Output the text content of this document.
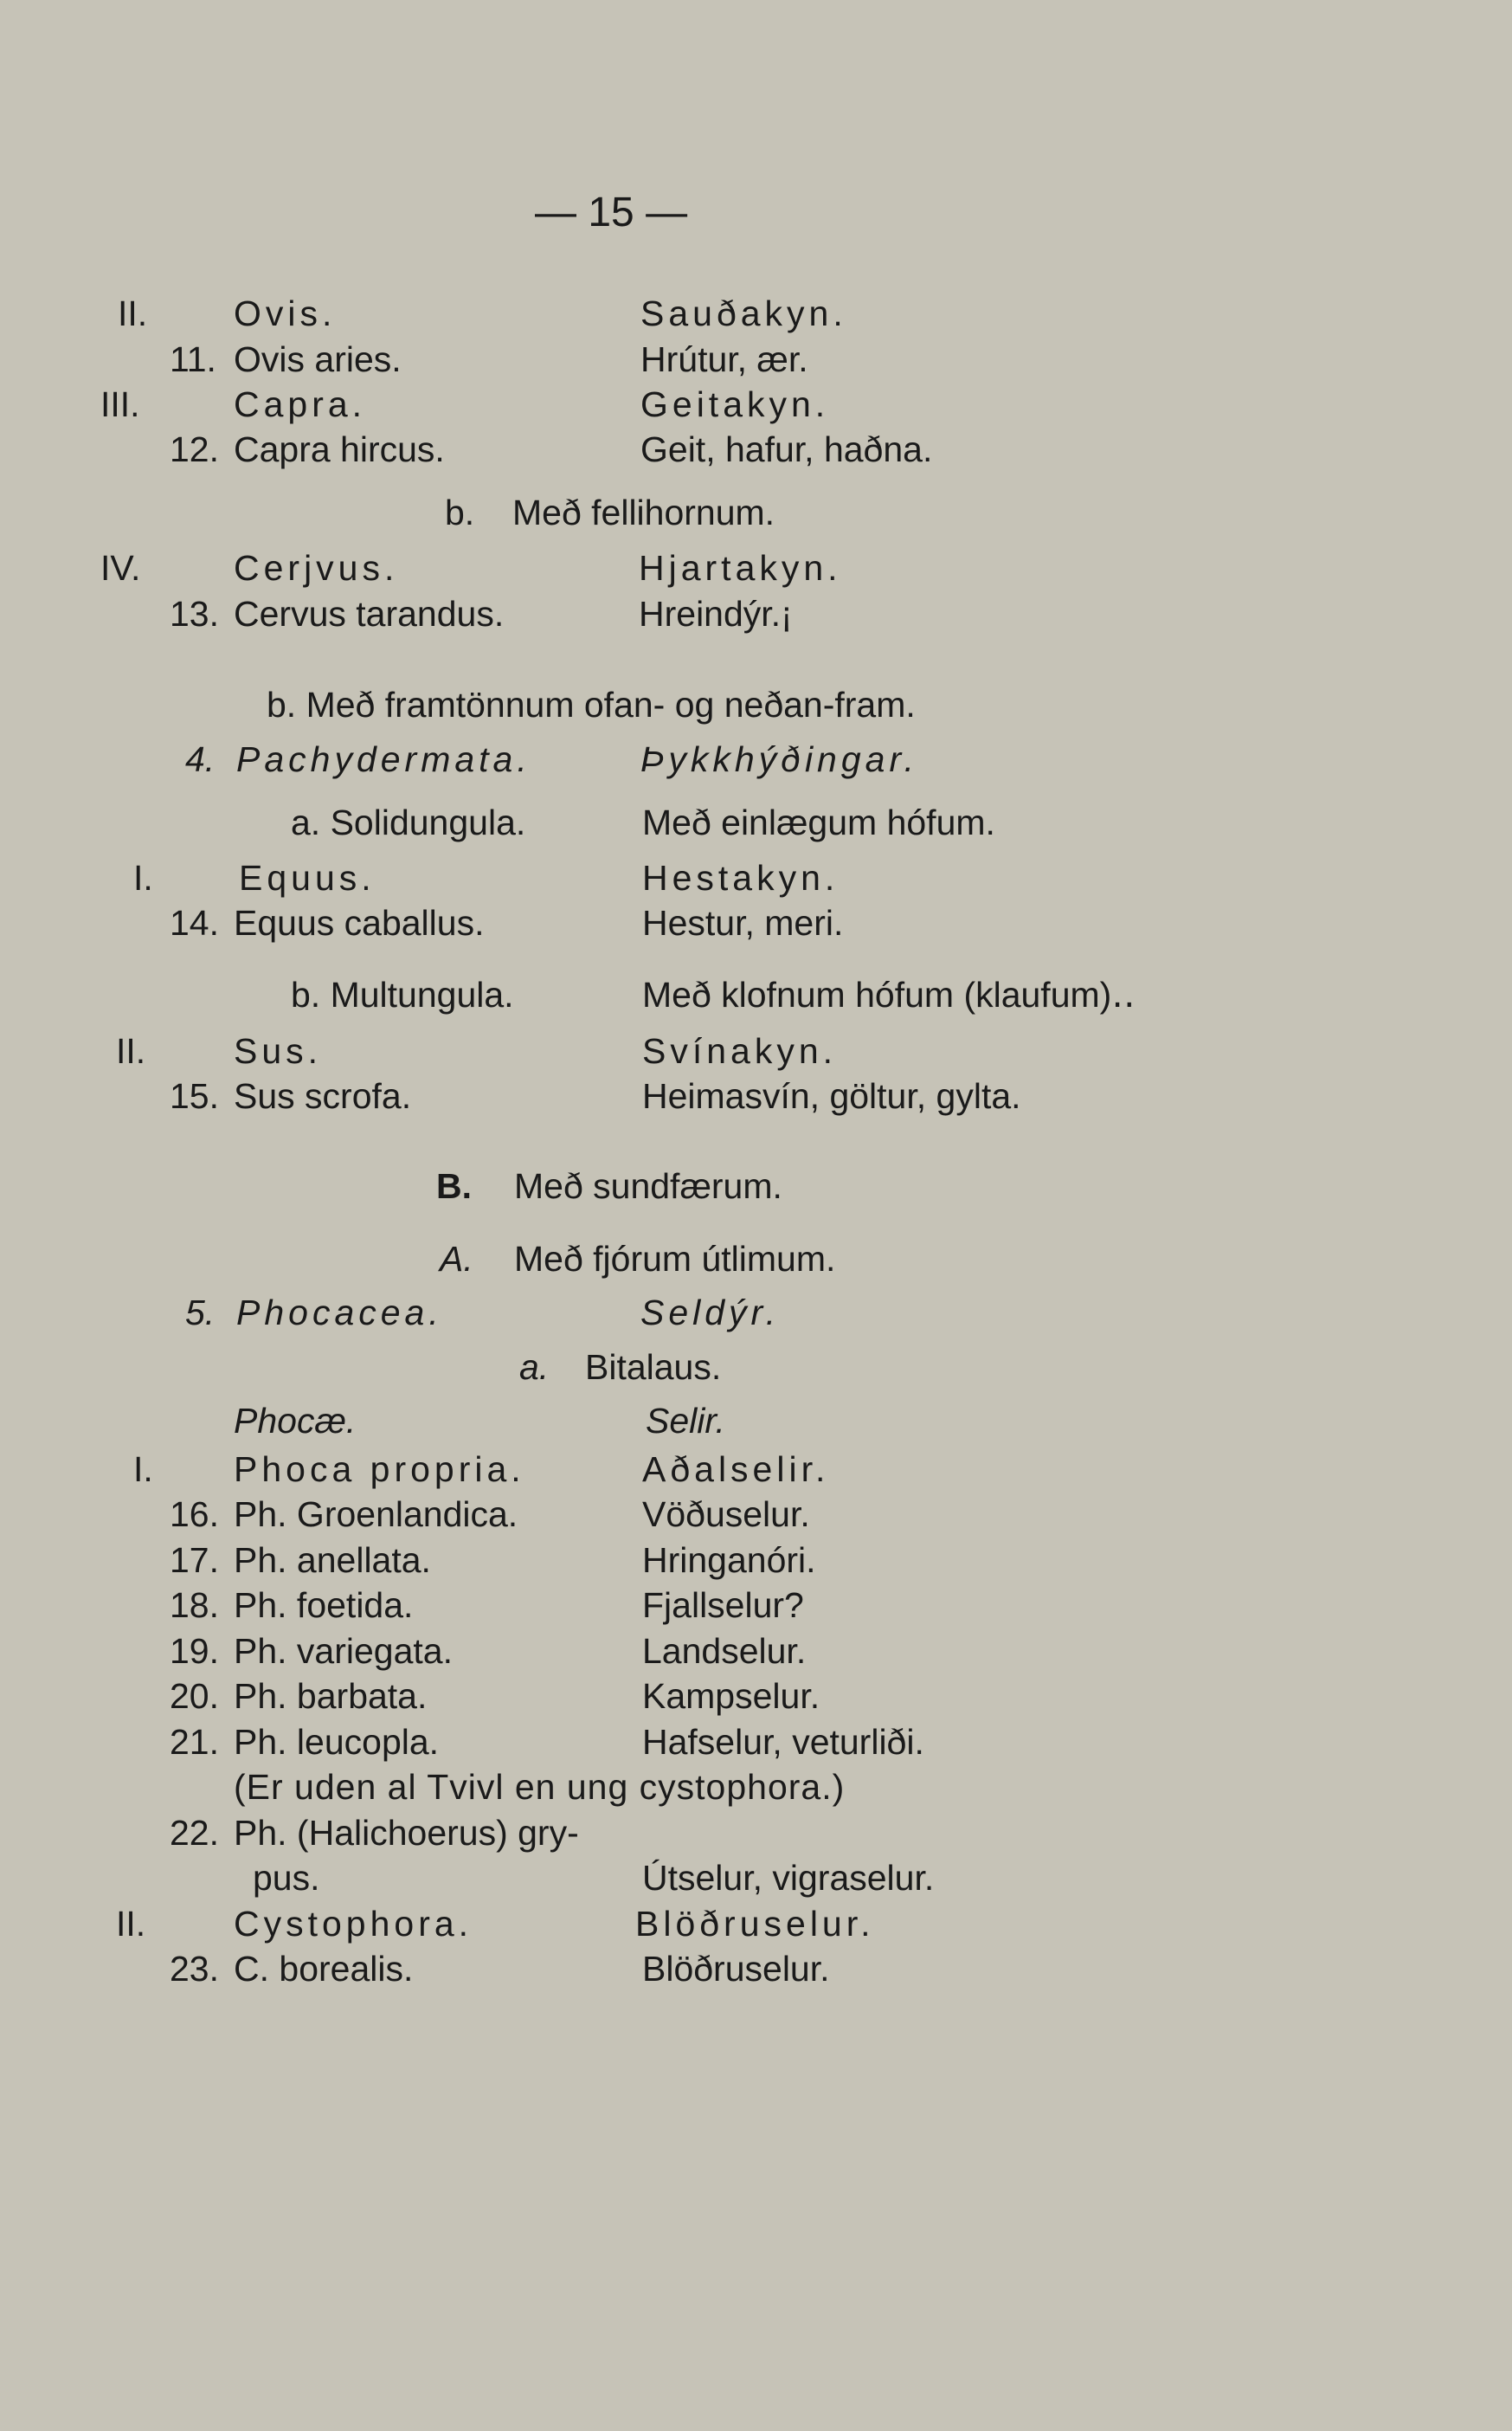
— 15 —
II. Ovis.	Sauðakyn.
11. Ovis aries.	Hrútur, ær.
III.	Capra.	Geitakyn.
12. Capra hircus.	Geit, hafur, haðna.
b. Með fellihornum.
IV.	Cerjvus.	Hjartakyn.
13. Cervus tarandus.	Hreindýr.¡
b. Með framtönnum ofan- og neðan-fram.
4. Pachydermata.	Þykkhýðingar.
a. Solidungula.	Með einlægum hófum.
I. Equus.	Hestakyn.
14. Equus caballus.	Hestur, meri.
b. Multungula.	Með klofnum hófum (klaufum)‥
II. Sus.	Svínakyn.
15. Sus scrofa.	Heimasvín, göltur, gylta.
B. Með sundfærum.
A. Með fjórum útlimum.
5. Phocacea.	Seldýr.
a. Bitalaus.
Phocæ.	Selir.
I. Phoca propria.	Aðalselir.
16. Ph. Groenlandica.	Vöðuselur.
17. Ph. anellata.	Hringanóri.
18. Ph. foetida.	Fjallselur?
19. Ph. variegata.	Landselur.
20. Ph. barbata.	Kampselur.
21. Ph. leucopla.	Hafselur, veturliði.
(Er uden al Tvivl en ung cystophora.)
22. Ph. (Halichoerus) gry-
pus.	Útselur, vigraselur.
II. Cystophora.	Blöðruselur.
23. C. borealis.	Blöðruselur.
